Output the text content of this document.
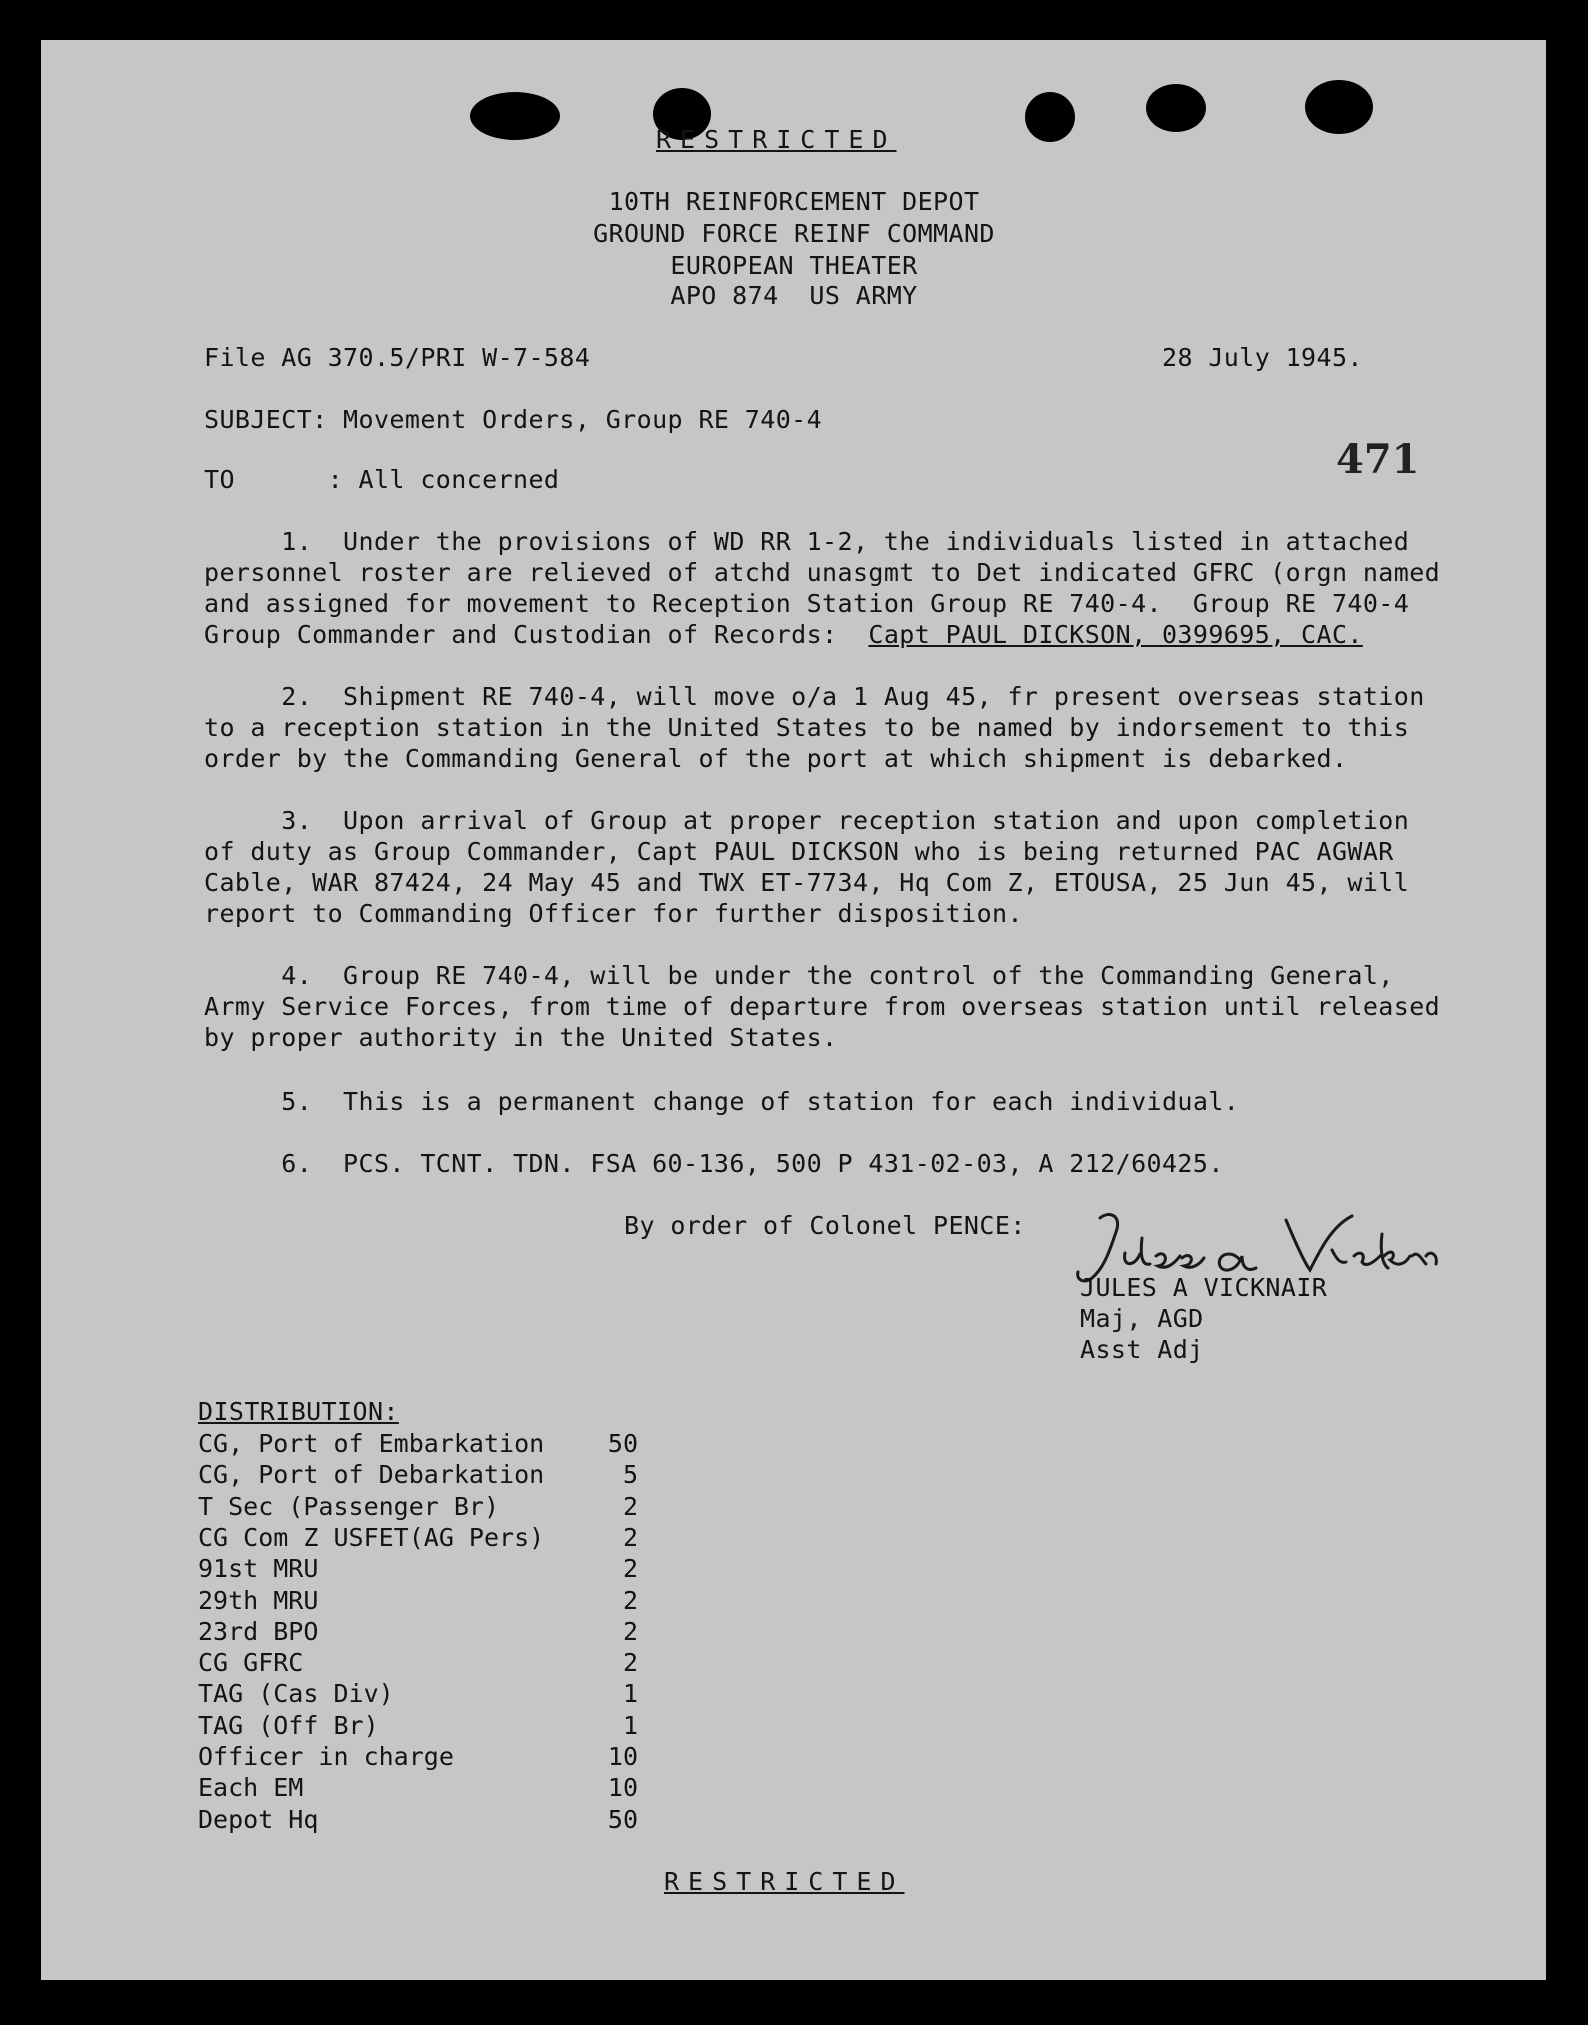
RESTRICTED
10TH REINFORCEMENT DEPOT
GROUND FORCE REINF COMMAND
EUROPEAN THEATER
APO 874  US ARMY
File AG 370.5/PRI W-7-584	28 July 1945.
SUBJECT: Movement Orders, Group RE 740-4
471
TO      : All concerned
1.  Under the provisions of WD RR 1-2, the individuals listed in attached
personnel roster are relieved of atchd unasgmt to Det indicated GFRC (orgn named
and assigned for movement to Reception Station Group RE 740-4.  Group RE 740-4
Group Commander and Custodian of Records:  Capt PAUL DICKSON, 0399695, CAC.
2.  Shipment RE 740-4, will move o/a 1 Aug 45, fr present overseas station
to a reception station in the United States to be named by indorsement to this
order by the Commanding General of the port at which shipment is debarked.
3.  Upon arrival of Group at proper reception station and upon completion
of duty as Group Commander, Capt PAUL DICKSON who is being returned PAC AGWAR
Cable, WAR 87424, 24 May 45 and TWX ET-7734, Hq Com Z, ETOUSA, 25 Jun 45, will
report to Commanding Officer for further disposition.
4.  Group RE 740-4, will be under the control of the Commanding General,
Army Service Forces, from time of departure from overseas station until released
by proper authority in the United States.
5.  This is a permanent change of station for each individual.
6.  PCS. TCNT. TDN. FSA 60-136, 500 P 431-02-03, A 212/60425.
By order of Colonel PENCE:
Jules A Vicknair
JULES A VICKNAIR
Maj, AGD
Asst Adj
DISTRIBUTION:
CG, Port of Embarkation	50
CG, Port of Debarkation	5
T Sec (Passenger Br)	2
CG Com Z USFET(AG Pers)	2
91st MRU	2
29th MRU	2
23rd BPO	2
CG GFRC	2
TAG (Cas Div)	1
TAG (Off Br)	1
Officer in charge	10
Each EM	10
Depot Hq	50
RESTRICTED
